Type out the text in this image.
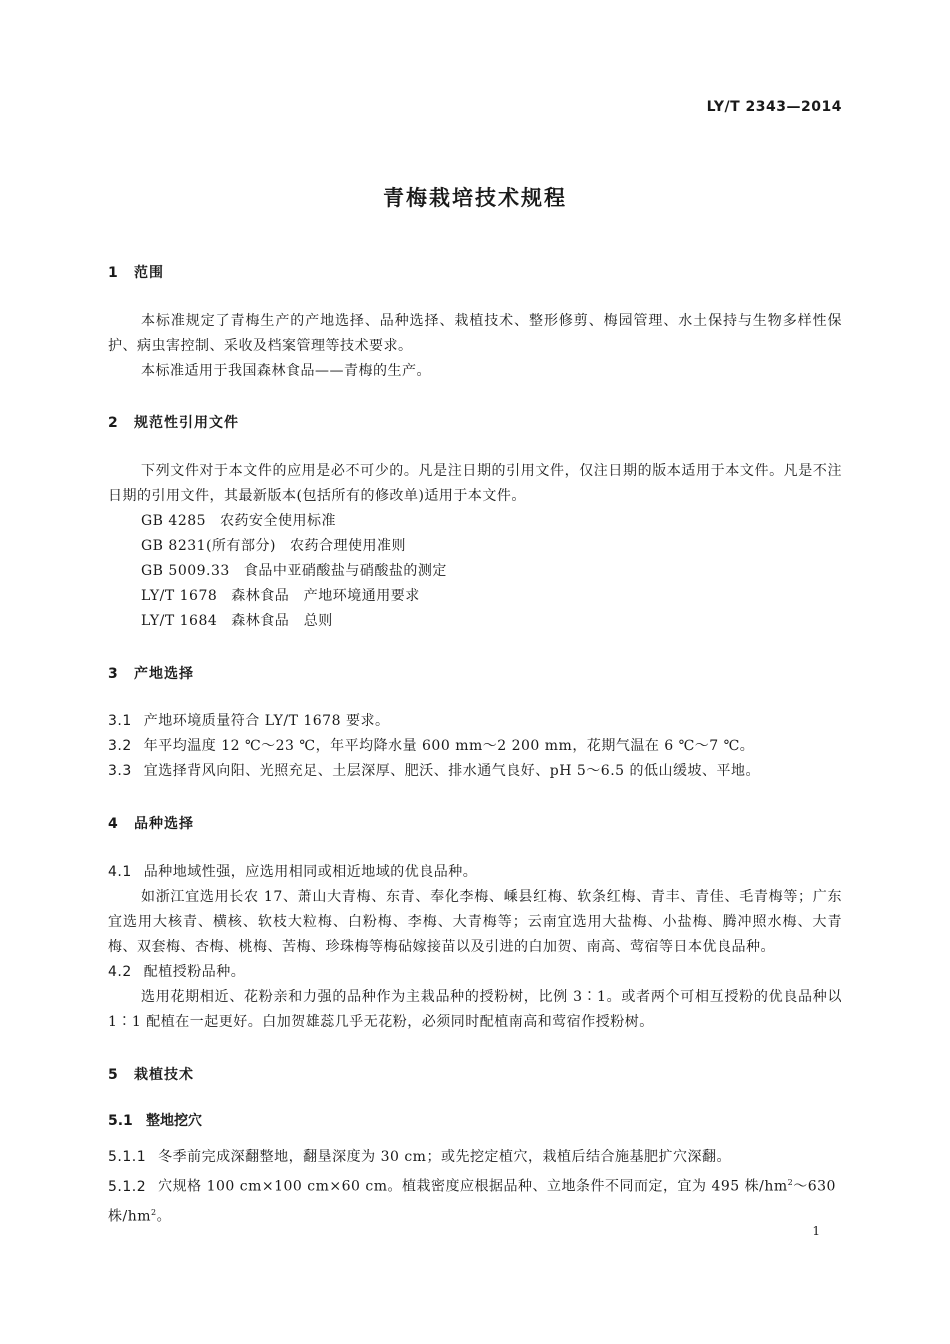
LY/T 2343—2014
青梅栽培技术规程
1 范围
本标准规定了青梅生产的产地选择、品种选择、栽植技术、整形修剪、梅园管理、水土保持与生物多样性保护、病虫害控制、采收及档案管理等技术要求。
本标准适用于我国森林食品——青梅的生产。
2 规范性引用文件
下列文件对于本文件的应用是必不可少的。凡是注日期的引用文件，仅注日期的版本适用于本文件。凡是不注日期的引用文件，其最新版本(包括所有的修改单)适用于本文件。
GB 4285 农药安全使用标准
GB 8231(所有部分) 农药合理使用准则
GB 5009.33 食品中亚硝酸盐与硝酸盐的测定
LY/T 1678 森林食品　产地环境通用要求
LY/T 1684 森林食品　总则
3 产地选择
3.1 产地环境质量符合 LY/T 1678 要求。
3.2 年平均温度 12 ℃～23 ℃，年平均降水量 600 mm～2 200 mm，花期气温在 6 ℃～7 ℃。
3.3 宜选择背风向阳、光照充足、土层深厚、肥沃、排水通气良好、pH 5～6.5 的低山缓坡、平地。
4 品种选择
4.1 品种地域性强，应选用相同或相近地域的优良品种。
如浙江宜选用长农 17、萧山大青梅、东青、奉化李梅、嵊县红梅、软条红梅、青丰、青佳、毛青梅等；广东宜选用大核青、横核、软枝大粒梅、白粉梅、李梅、大青梅等；云南宜选用大盐梅、小盐梅、腾冲照水梅、大青梅、双套梅、杏梅、桃梅、苦梅、珍珠梅等梅砧嫁接苗以及引进的白加贺、南高、莺宿等日本优良品种。
4.2 配植授粉品种。
选用花期相近、花粉亲和力强的品种作为主栽品种的授粉树，比例 3∶1。或者两个可相互授粉的优良品种以 1∶1 配植在一起更好。白加贺雄蕊几乎无花粉，必须同时配植南高和莺宿作授粉树。
5 栽植技术
5.1 整地挖穴
5.1.1 冬季前完成深翻整地，翻垦深度为 30 cm；或先挖定植穴，栽植后结合施基肥扩穴深翻。
5.1.2 穴规格 100 cm×100 cm×60 cm。植栽密度应根据品种、立地条件不同而定，宜为 495 株$/hm^2\sim 630$ 株$/hm^2$。
1
